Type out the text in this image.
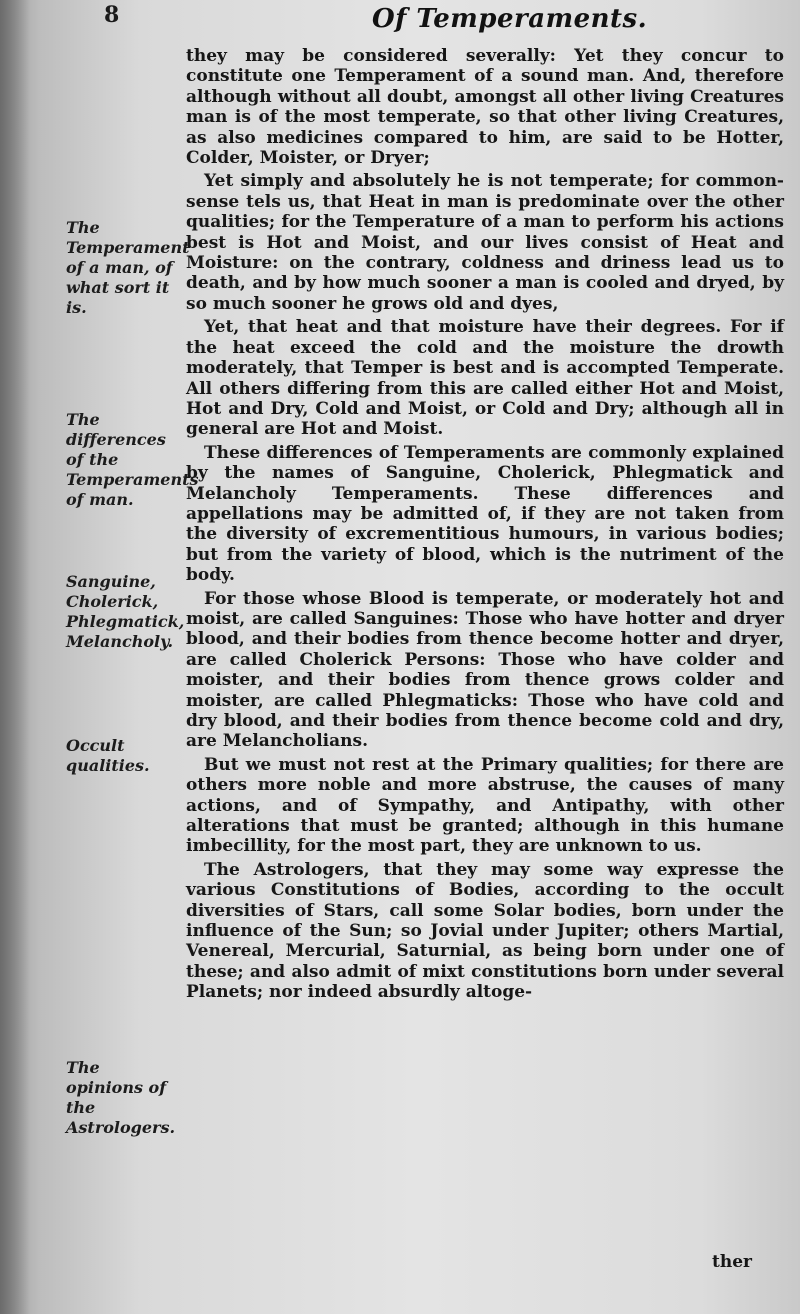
8	Of Temperaments.
The Temperament of a man, of what sort it is.
The differences of the Temperaments of man.
Sanguine, Cholerick, Phlegmatick, Melancholy.
Occult qualities.
The opinions of the Astrologers.

they may be considered severally: Yet they concur to constitute one Temperament of a sound man. And, therefore although without all doubt, amongst all other living Creatures man is of the most temperate, so that other living Creatures, as also medicines compared to him, are said to be Hotter, Colder, Moister, or Dryer;

Yet simply and absolutely he is not temperate; for common-sense tels us, that Heat in man is predominate over the other qualities; for the Temperature of a man to perform his actions best is Hot and Moist, and our lives consist of Heat and Moisture: on the contrary, coldness and driness lead us to death, and by how much sooner a man is cooled and dryed, by so much sooner he grows old and dyes,

Yet, that heat and that moisture have their degrees. For if the heat exceed the cold and the moisture the drowth moderately, that Temper is best and is accompted Temperate. All others differing from this are called either Hot and Moist, Hot and Dry, Cold and Moist, or Cold and Dry; although all in general are Hot and Moist.

These differences of Temperaments are commonly explained by the names of Sanguine, Cholerick, Phlegmatick and Melancholy Temperaments. These differences and appellations may be admitted of, if they are not taken from the diversity of excrementitious humours, in various bodies; but from the variety of blood, which is the nutriment of the body.

For those whose Blood is temperate, or moderately hot and moist, are called Sanguines: Those who have hotter and dryer blood, and their bodies from thence become hotter and dryer, are called Cholerick Persons: Those who have colder and moister, and their bodies from thence grows colder and moister, are called Phlegmaticks: Those who have cold and dry blood, and their bodies from thence become cold and dry, are Melancholians.

But we must not rest at the Primary qualities; for there are others more noble and more abstruse, the causes of many actions, and of Sympathy, and Antipathy, with other alterations that must be granted; although in this humane imbecillity, for the most part, they are unknown to us.

The Astrologers, that they may some way expresse the various Constitutions of Bodies, according to the occult diversities of Stars, call some Solar bodies, born under the influence of the Sun; so Jovial under Jupiter; others Martial, Venereal, Mercurial, Saturnial, as being born under one of these; and also admit of mixt constitutions born under several Planets; nor indeed absurdly altoge-

ther
